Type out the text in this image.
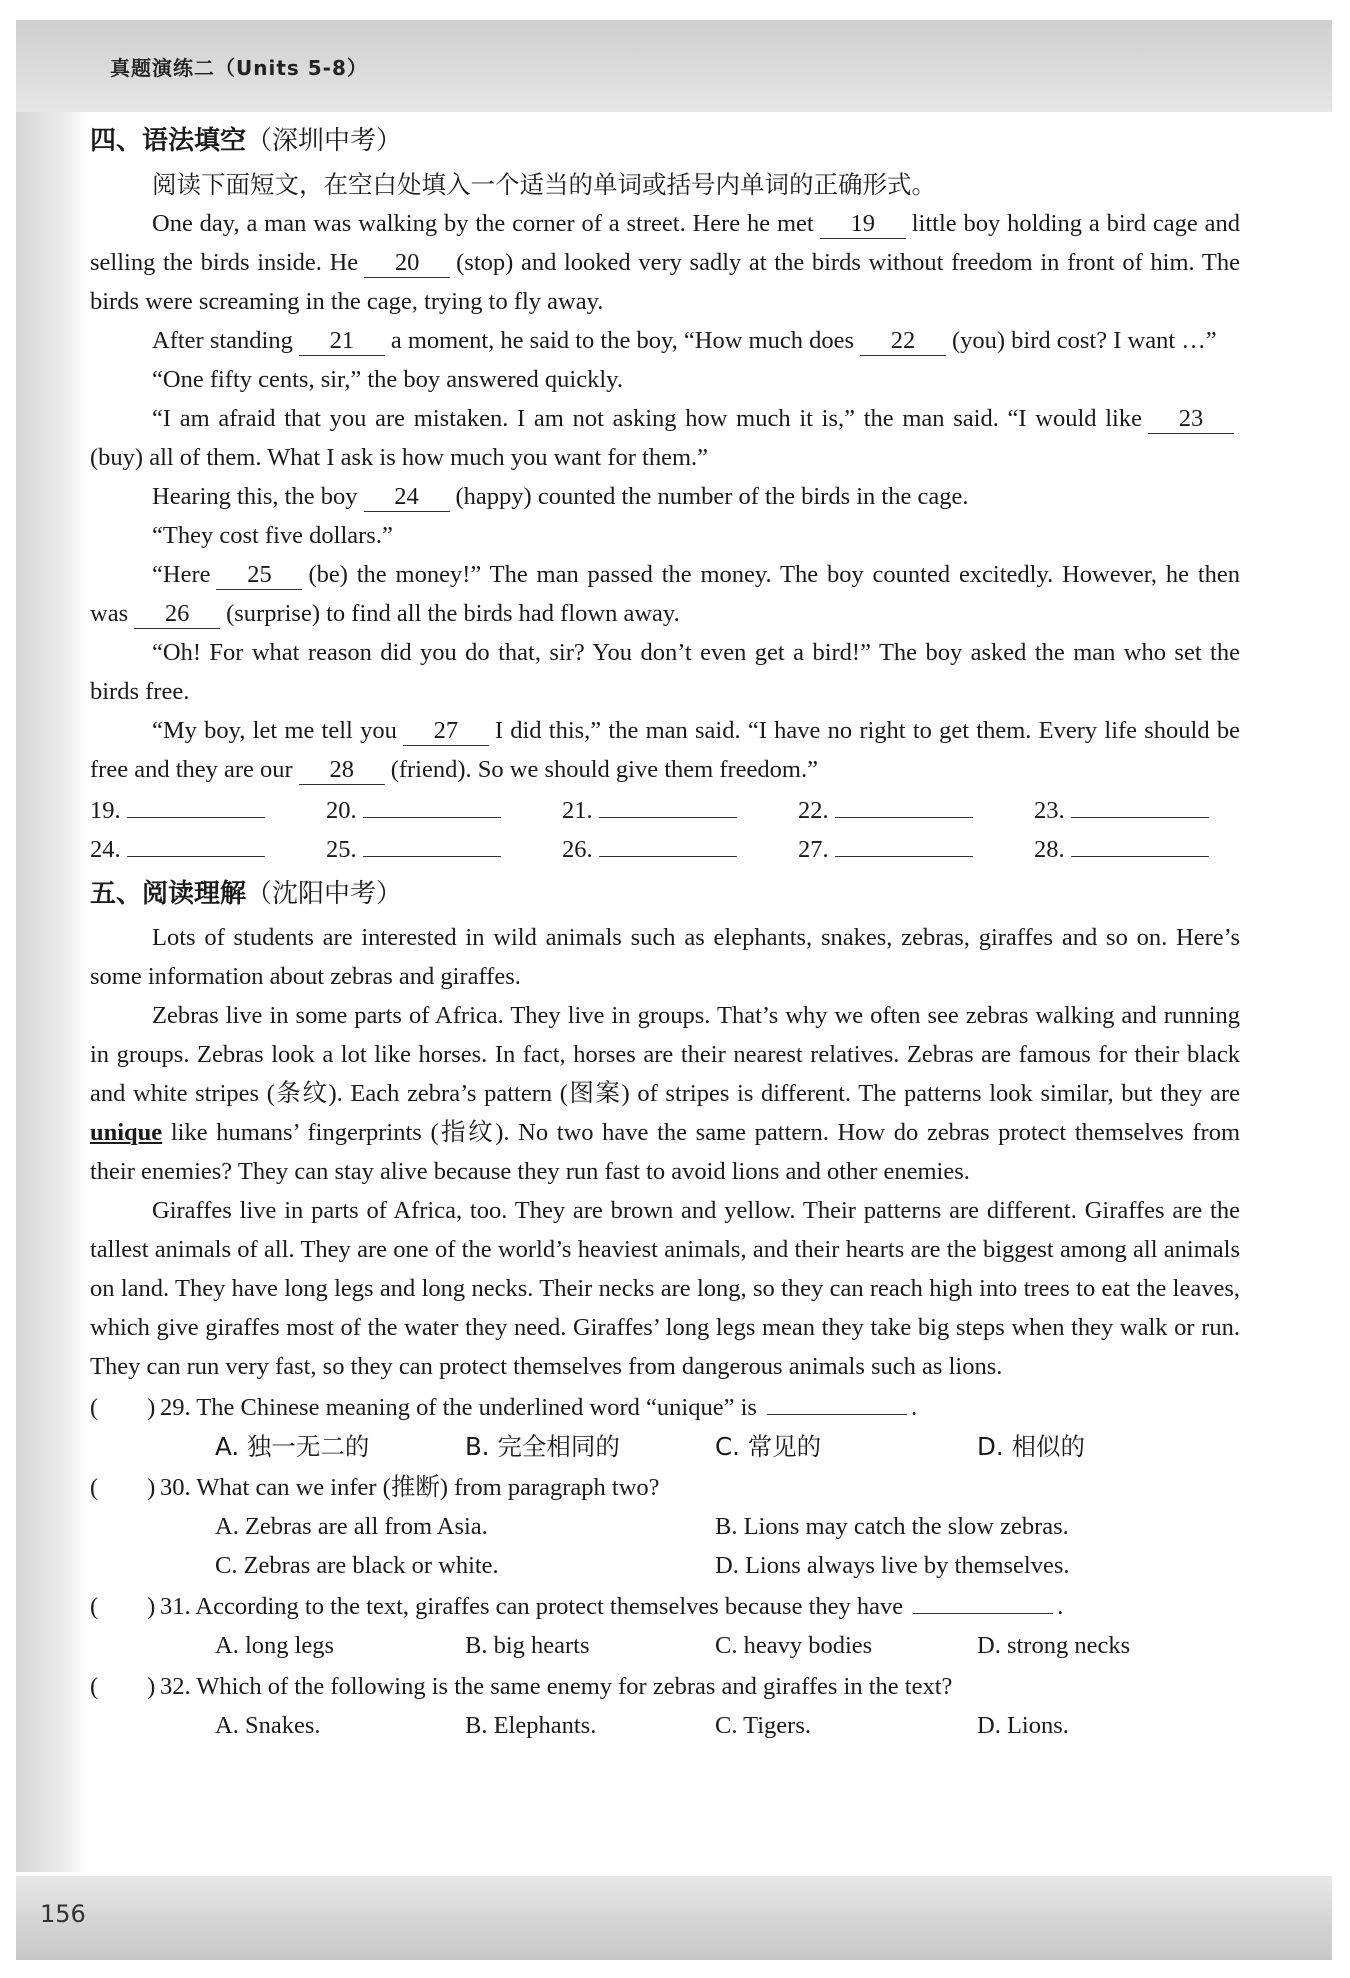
真题演练二（Units 5-8）
四、语法填空（深圳中考）

阅读下面短文，在空白处填入一个适当的单词或括号内单词的正确形式。

One day, a man was walking by the corner of a street. Here he met 19 little boy holding a bird cage and selling the birds inside. He 20 (stop) and looked very sadly at the birds without freedom in front of him. The birds were screaming in the cage, trying to fly away.

After standing 21 a moment, he said to the boy, “How much does 22 (you) bird cost? I want …”

“One fifty cents, sir,” the boy answered quickly.

“I am afraid that you are mistaken. I am not asking how much it is,” the man said. “I would like 23(buy) all of them. What I ask is how much you want for them.”

Hearing this, the boy 24 (happy) counted the number of the birds in the cage.

“They cost five dollars.”

“Here 25 (be) the money!” The man passed the money. The boy counted excitedly. However, he then was 26 (surprise) to find all the birds had flown away.

“Oh! For what reason did you do that, sir? You don’t even get a bird!” The boy asked the man who set the birds free.

“My boy, let me tell you 27 I did this,” the man said. “I have no right to get them. Every life should be free and they are our 28 (friend). So we should give them freedom.”

19.	20.	21.	22.	23.
24.	25.	26.	27.	28.
五、阅读理解（沈阳中考）

Lots of students are interested in wild animals such as elephants, snakes, zebras, giraffes and so on. Here’s some information about zebras and giraffes.

Zebras live in some parts of Africa. They live in groups. That’s why we often see zebras walking and running in groups. Zebras look a lot like horses. In fact, horses are their nearest relatives. Zebras are famous for their black and white stripes (条纹). Each zebra’s pattern (图案) of stripes is different. The patterns look similar, but they are unique like humans’ fingerprints (指纹). No two have the same pattern. How do zebras protect themselves from their enemies? They can stay alive because they run fast to avoid lions and other enemies.

Giraffes live in parts of Africa, too. They are brown and yellow. Their patterns are different. Giraffes are the tallest animals of all. They are one of the world’s heaviest animals, and their hearts are the biggest among all animals on land. They have long legs and long necks. Their necks are long, so they can reach high into trees to eat the leaves, which give giraffes most of the water they need. Giraffes’ long legs mean they take big steps when they walk or run. They can run very fast, so they can protect themselves from dangerous animals such as lions.

(　　) 29. The Chinese meaning of the underlined word “unique” is	.
A. 独一无二的	B. 完全相同的	C. 常见的	D. 相似的
(　　) 30. What can we infer (推断) from paragraph two?
A. Zebras are all from Asia.	B. Lions may catch the slow zebras.
C. Zebras are black or white.	D. Lions always live by themselves.
(　　) 31. According to the text, giraffes can protect themselves because they have	.
A. long legs	B. big hearts	C. heavy bodies	D. strong necks
(　　) 32. Which of the following is the same enemy for zebras and giraffes in the text?
A. Snakes.	B. Elephants.	C. Tigers.	D. Lions.
156
